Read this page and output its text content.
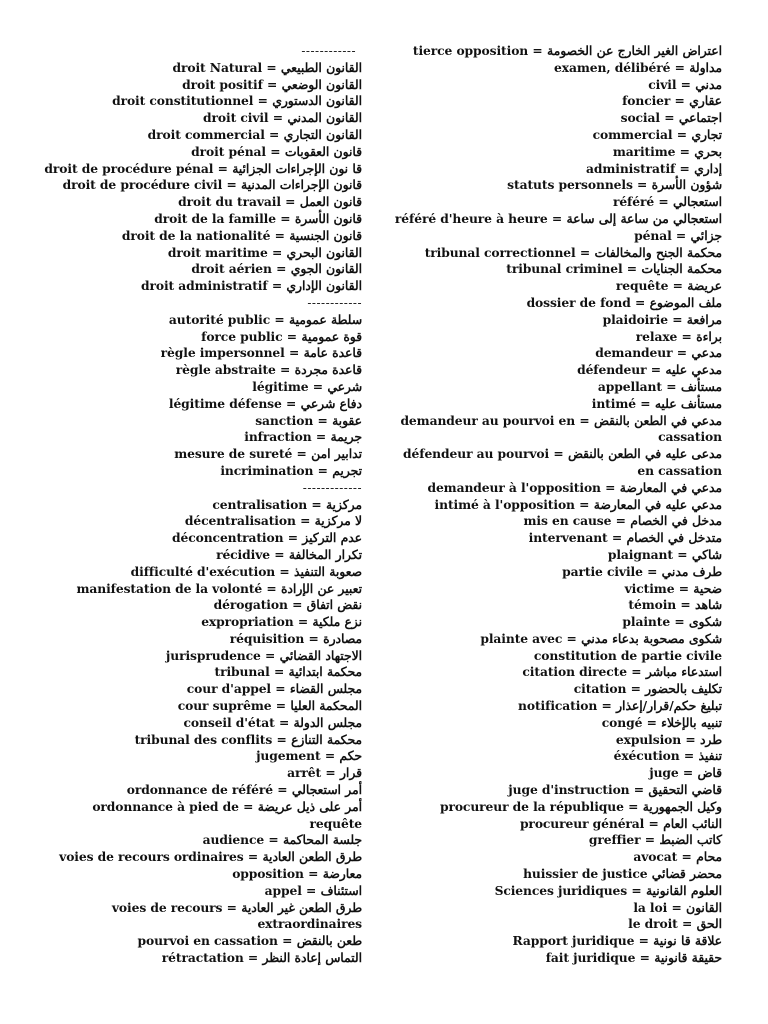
------------
القانون الطبيعي = droit Natural
القانون الوضعي = droit positif
القانون الدستوري = droit constitutionnel
القانون المدني = droit civil
القانون التجاري = droit commercial
قانون العقوبات = droit pénal
قا نون الإجراءات الجزائية = droit de procédure pénal
قانون الإجراءات المدنية = droit de procédure civil
قانون العمل = droit du travail
قانون الأسرة = droit de la famille
قانون الجنسية = droit de la nationalité
القانون البحري = droit maritime
القانون الجوي = droit aérien
القانون الإداري = droit administratif
------------
سلطة عمومية = autorité public
قوة عمومية = force public
قاعدة عامة = règle impersonnel
قاعدة مجردة = règle abstraite
شرعي = légitime
دفاع شرعي = légitime défense
عقوبة = sanction
جريمة = infraction
تدابير امن = mesure de sureté
تجريم = incrimination
-------------
مركزية = centralisation
لا مركزية = décentralisation
عدم التركيز = déconcentration
تكرار المخالفة = récidive
صعوبة التنفيذ = difficulté d'exécution
تعبير عن الإرادة = manifestation de la volonté
نقض اتفاق = dérogation
نزع ملكية = expropriation
مصادرة = réquisition
الاجتهاد القضائي = jurisprudence
محكمة ابتدائية = tribunal
مجلس القضاء = cour d'appel
المحكمة العليا = cour suprême
مجلس الدولة = conseil d'état
محكمة التنازع = tribunal des conflits
حكم = jugement
قرار = arrêt
أمر استعجالي = ordonnance de référé
أمر على ذيل عريضة = ordonnance à pied de requête
جلسة المحاكمة = audience
طرق الطعن العادية = voies de recours ordinaires
معارضة = opposition
استئناف = appel
طرق الطعن غير العادية = voies de recours extraordinaires
طعن بالنقض = pourvoi en cassation
التماس إعادة النظر = rétractation
اعتراض الغير الخارج عن الخصومة = tierce opposition
مداولة = examen, délibéré
مدني = civil
عقاري = foncier
اجتماعي = social
تجاري = commercial
بحري = maritime
إداري = administratif
شؤون الأسرة = statuts personnels
استعجالي = référé
استعجالي من ساعة إلى ساعة = référé d'heure à heure
جزائي = pénal
محكمة الجنح والمخالفات = tribunal correctionnel
محكمة الجنايات = tribunal criminel
عريضة = requête
ملف الموضوع = dossier de fond
مرافعة = plaidoirie
براءة = relaxe
مدعي = demandeur
مدعي عليه = défendeur
مستأنف = appellant
مستأنف عليه = intimé
مدعي في الطعن بالنقض = demandeur au pourvoi en cassation
مدعى عليه في الطعن بالنقض = défendeur au pourvoi en cassation
مدعي في المعارضة = demandeur à l'opposition
مدعي عليه في المعارضة = intimé à l'opposition
مدخل في الخصام = mis en cause
متدخل في الخصام = intervenant
شاكي = plaignant
طرف مدني = partie civile
ضحية = victime
شاهد = témoin
شكوى = plainte
شكوى مصحوبة بدعاء مدني = plainte avec constitution de partie civile
استدعاء مباشر = citation directe
تكليف بالحضور = citation
تبليغ حكم/قرار/إعذار = notification
تنبيه بالإخلاء = congé
طرد = expulsion
تنفيذ = éxécution
قاض = juge
قاضي التحقيق = juge d'instruction
وكيل الجمهورية = procureur de la république
النائب العام = procureur général
كاتب الضبط = greffier
محام = avocat
محضر قضائي huissier de justice
العلوم القانونية = Sciences juridiques
القانون = la loi
الحق = le droit
علاقة قا نونية = Rapport juridique
حقيقة قانونية = fait juridique
